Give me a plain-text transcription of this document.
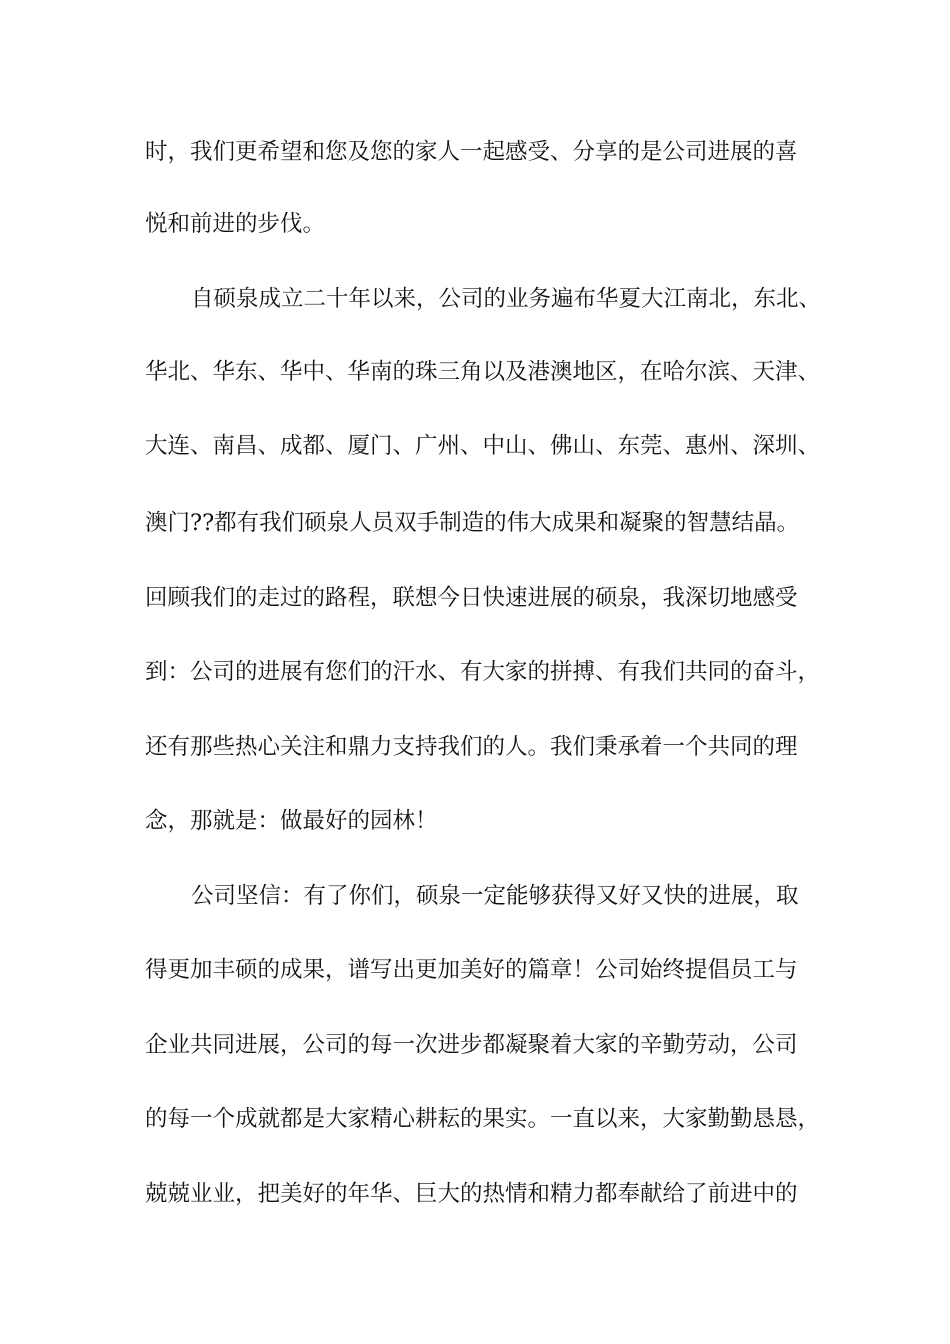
时，我们更希望和您及您的家人一起感受、分享的是公司进展的喜

悦和前进的步伐。

自硕泉成立二十年以来，公司的业务遍布华夏大江南北，东北、

华北、华东、华中、华南的珠三角以及港澳地区，在哈尔滨、天津、

大连、南昌、成都、厦门、广州、中山、佛山、东莞、惠州、深圳、

澳门??都有我们硕泉人员双手制造的伟大成果和凝聚的智慧结晶。

回顾我们的走过的路程，联想今日快速进展的硕泉，我深切地感受

到：公司的进展有您们的汗水、有大家的拼搏、有我们共同的奋斗，

还有那些热心关注和鼎力支持我们的人。我们秉承着一个共同的理

念，那就是：做最好的园林！

公司坚信：有了你们，硕泉一定能够获得又好又快的进展，取

得更加丰硕的成果，谱写出更加美好的篇章！公司始终提倡员工与

企业共同进展，公司的每一次进步都凝聚着大家的辛勤劳动，公司

的每一个成就都是大家精心耕耘的果实。一直以来，大家勤勤恳恳，

兢兢业业，把美好的年华、巨大的热情和精力都奉献给了前进中的
